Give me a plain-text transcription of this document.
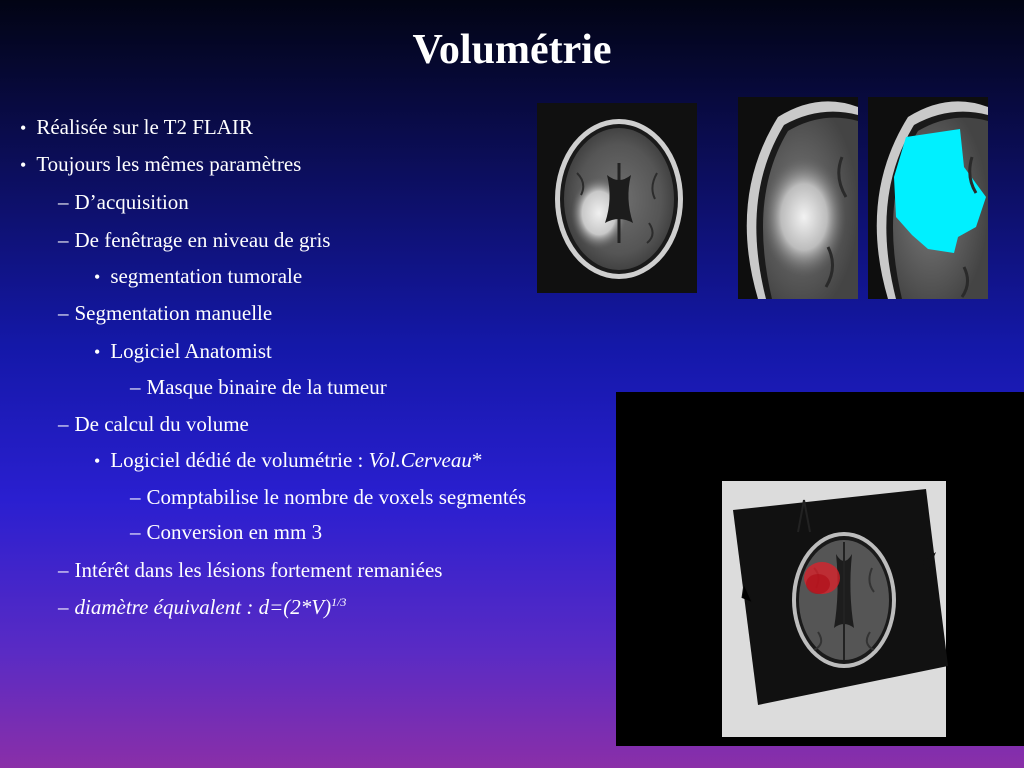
Volumétrie
• Réalisée sur le T2 FLAIR
• Toujours les mêmes paramètres
– D’acquisition
– De fenêtrage en niveau de gris
• segmentation tumorale
– Segmentation manuelle
• Logiciel Anatomist
– Masque binaire de la tumeur
– De calcul du volume
• Logiciel dédié de volumétrie : Vol.Cerveau*
– Comptabilise le nombre de voxels segmentés
– Conversion en mm 3
– Intérêt dans les lésions fortement remaniées
– diamètre équivalent : $d=(2*V)^{1/3}$
